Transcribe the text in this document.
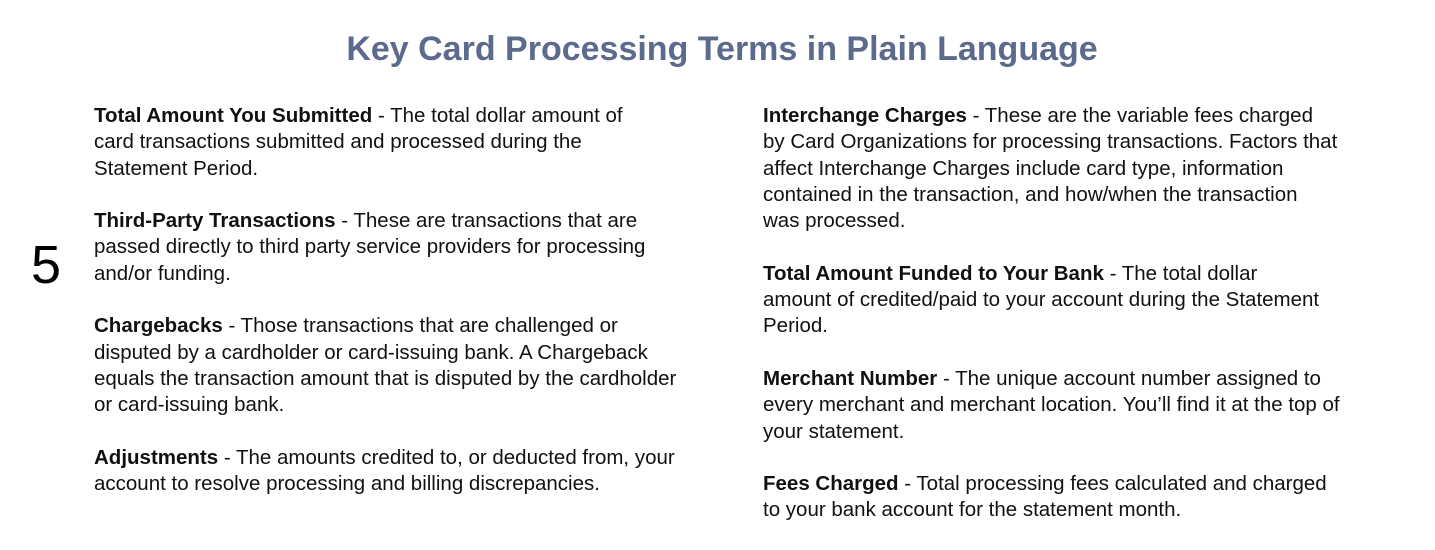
Key Card Processing Terms in Plain Language
5

Total Amount You Submitted - The total dollar amount of

card transactions submitted and processed during the

Statement Period.

Third-Party Transactions - These are transactions that are

passed directly to third party service providers for processing

and/or funding.

Chargebacks - Those transactions that are challenged or

disputed by a cardholder or card-issuing bank. A Chargeback

equals the transaction amount that is disputed by the cardholder

or card-issuing bank.

Adjustments - The amounts credited to, or deducted from, your

account to resolve processing and billing discrepancies.

Interchange Charges - These are the variable fees charged

by Card Organizations for processing transactions. Factors that

affect Interchange Charges include card type, information

contained in the transaction, and how/when the transaction

was processed.

Total Amount Funded to Your Bank - The total dollar

amount of credited/paid to your account during the Statement

Period.

Merchant Number - The unique account number assigned to

every merchant and merchant location. You’ll find it at the top of

your statement.

Fees Charged - Total processing fees calculated and charged

to your bank account for the statement month.
